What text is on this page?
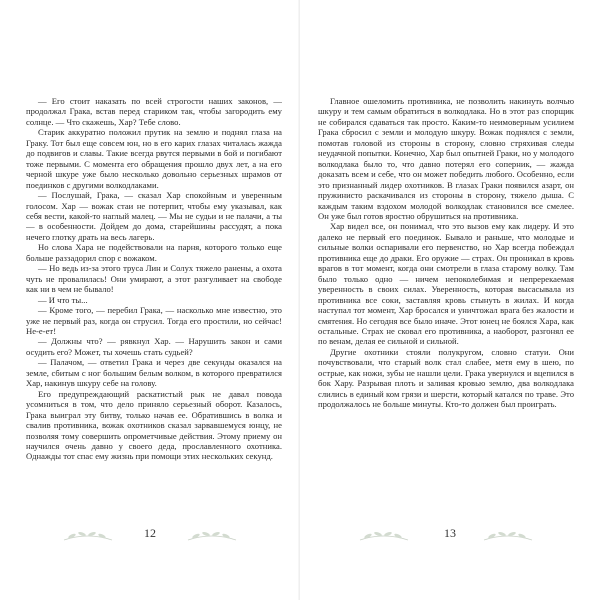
— Его стоит наказать по всей строгости наших законов, — продолжал Грака, встав перед стариком так, чтобы загородить ему солнце. — Что скажешь, Хар? Тебе слово.

Старик аккуратно положил прутик на землю и поднял глаза на Граку. Тот был еще совсем юн, но в его карих глазах читалась жажда до подвигов и славы. Такие всегда рвутся первыми в бой и погибают тоже первыми. С момента его обращения прошло двух лет, а на его черной шкуре уже было несколько довольно серьезных шрамов от поединков с другими волкодлаками.

— Послушай, Грака, — сказал Хар спокойным и уверенным голосом. Хар — вожак стаи не потерпит, чтобы ему указывал, как себя вести, какой-то наглый малец. — Мы не судьи и не палачи, а ты — в особенности. Дойдем до дома, старейшины рассудят, а пока нечего глотку драть на весь лагерь.

Но слова Хара не подействовали на парня, которого только еще больше раззадорил спор с вожаком.

— Но ведь из-за этого труса Лин и Солух тяжело ранены, а охота чуть не провалилась! Они умирают, а этот разгуливает на свободе как ни в чем не бывало!

— И что ты...

— Кроме того, — перебил Грака, — насколько мне известно, это уже не первый раз, когда он струсил. Тогда его простили, но сейчас! Не-е-ет!

— Должны что? — рявкнул Хар. — Нарушить закон и сами осудить его? Может, ты хочешь стать судьей?

— Палачом, — ответил Грака и через две секунды оказался на земле, сбитым с ног большим белым волком, в которого превратился Хар, накинув шкуру себе на голову.

Его предупреждающий раскатистый рык не давал повода усомниться в том, что дело приняло серьезный оборот. Казалось, Грака выиграл эту битву, только начав ее. Обратившись в волка и свалив противника, вожак охотников сказал зарвавшемуся юнцу, не позволяя тому совершить опрометчивые действия. Этому приему он научился очень давно у своего деда, прославленного охотника. Однажды тот спас ему жизнь при помощи этих нескольких секунд.

12

Главное ошеломить противника, не позволить накинуть волчью шкуру и тем самым обратиться в волкодлака. Но в этот раз спорщик не собирался сдаваться так просто. Каким-то неимоверным усилием Грака сбросил с земли и молодую шкуру. Вожак поднялся с земли, помотав головой из стороны в сторону, словно стряхивая следы неудачной попытки. Конечно, Хар был опытней Граки, но у молодого волкодлака было то, что давно потерял его соперник, — жажда доказать всем и себе, что он может победить любого. Особенно, если это признанный лидер охотников. В глазах Граки появился азарт, он пружинисто раскачивался из стороны в сторону, тяжело дыша. С каждым таким вздохом молодой волкодлак становился все смелее. Он уже был готов яростно обрушиться на противника.

Хар видел все, он понимал, что это вызов ему как лидеру. И это далеко не первый его поединок. Бывало и раньше, что молодые и сильные волки оспаривали его первенство, но Хар всегда побеждал противника еще до драки. Его оружие — страх. Он проникал в кровь врагов в тот момент, когда они смотрели в глаза старому волку. Там было только одно — ничем непоколебимая и непререкаемая уверенность в своих силах. Уверенность, которая высасывала из противника все соки, заставляя кровь стынуть в жилах. И когда наступал тот момент, Хар бросался и уничтожал врага без жалости и смятения. Но сегодня все было иначе. Этот юнец не боялся Хара, как остальные. Страх не сковал его противника, а наоборот, разгонял ее по венам, делая ее сильной и сильной.

Другие охотники стояли полукругом, словно статуи. Они почувствовали, что старый волк стал слабее, метя ему в шею, по острые, как ножи, зубы не нашли цели. Грака увернулся и вцепился в бок Хару. Разрывая плоть и заливая кровью землю, два волкодлака слились в единый ком грязи и шерсти, который катался по траве. Это продолжалось не больше минуты. Кто-то должен был проиграть.

13
